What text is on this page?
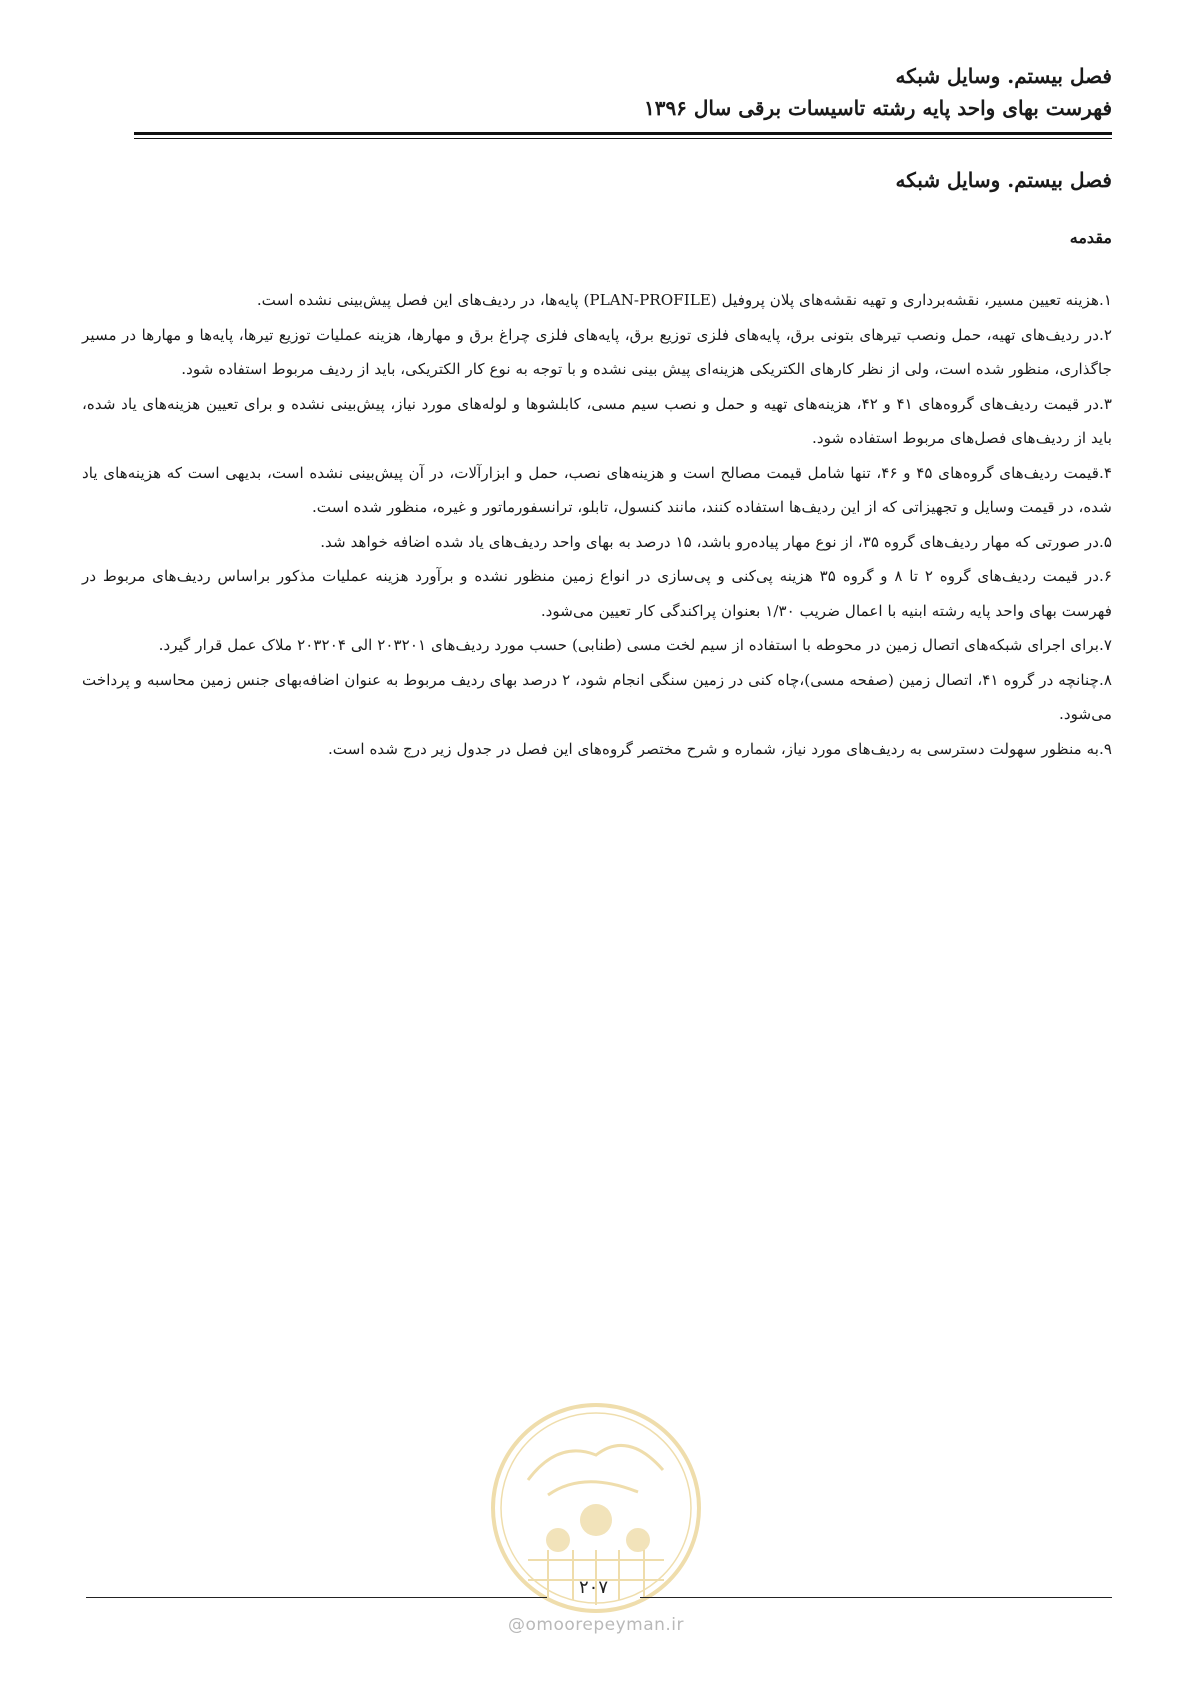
فصل بیستم. وسایل شبکه
فهرست بهای واحد پایه رشته تاسیسات برقی سال ۱۳۹۶
فصل بیستم. وسایل شبکه
مقدمه

۱.هزینه تعیین مسیر، نقشه‌برداری و تهیه نقشه‌های پلان پروفیل (PLAN-PROFILE) پایه‌ها، در ردیف‌های این فصل پیش‌بینی نشده است.

۲.در ردیف‌های تهیه، حمل ونصب تیرهای بتونی برق، پایه‌های فلزی توزیع برق، پایه‌های فلزی چراغ برق و مهارها، هزینه عملیات توزیع تیرها، پایه‌ها و مهارها در مسیر جاگذاری، منظور شده است، ولی از نظر کارهای الکتریکی هزینه‌ای پیش بینی نشده و با توجه به نوع کار الکتریکی، باید از ردیف مربوط استفاده شود.

۳.در قیمت ردیف‌های گروه‌های ۴۱ و ۴۲، هزینه‌های تهیه و حمل و نصب سیم مسی، کابلشوها و لوله‌های مورد نیاز، پیش‌بینی نشده و برای تعیین هزینه‌های یاد شده، باید از ردیف‌های فصل‌های مربوط استفاده شود.

۴.قیمت ردیف‌های گروه‌های ۴۵ و ۴۶، تنها شامل قیمت مصالح است و هزینه‌های نصب، حمل و ابزارآلات، در آن پیش‌بینی نشده است، بدیهی است که هزینه‌های یاد شده، در قیمت وسایل و تجهیزاتی که از این ردیف‌ها استفاده کنند، مانند کنسول، تابلو، ترانسفورماتور و غیره، منظور شده است.

۵.در صورتی که مهار ردیف‌های گروه ۳۵، از نوع مهار پیاده‌رو باشد، ۱۵ درصد به بهای واحد ردیف‌های یاد شده اضافه خواهد شد.

۶.در قیمت ردیف‌های گروه ۲ تا ۸ و گروه ۳۵ هزینه پی‌کنی و پی‌سازی در انواع زمین منظور نشده و برآورد هزینه عملیات مذکور براساس ردیف‌های مربوط در فهرست بهای واحد پایه رشته ابنیه با اعمال ضریب ۱/۳۰ بعنوان پراکندگی کار تعیین می‌شود.

۷.برای اجرای شبکه‌های اتصال زمین در محوطه با استفاده از سیم لخت مسی (طنابی) حسب مورد ردیف‌های ۲۰۳۲۰۱ الی ۲۰۳۲۰۴ ملاک عمل قرار گیرد.

۸.چنانچه در گروه ۴۱، اتصال زمین (صفحه مسی)،چاه کنی در زمین سنگی انجام شود، ۲ درصد بهای ردیف مربوط به عنوان اضافه‌بهای جنس زمین محاسبه و پرداخت می‌شود.

۹.به منظور سهولت دسترسی به ردیف‌های مورد نیاز، شماره و شرح مختصر گروه‌های این فصل در جدول زیر درج شده است.

۲۰۷
@omoorepeyman.ir
